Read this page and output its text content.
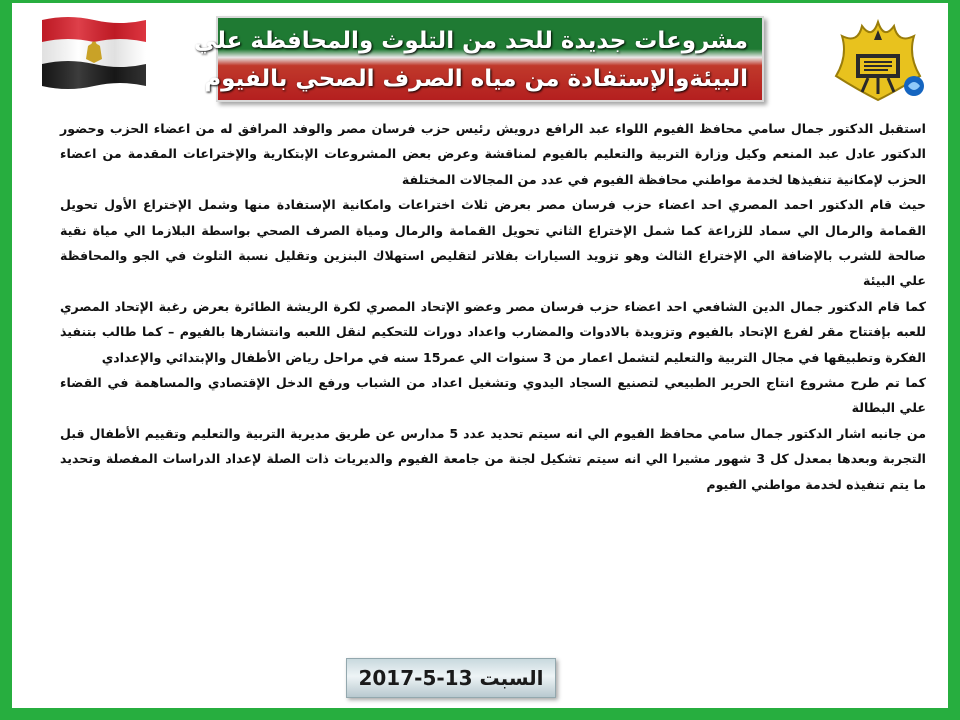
مشروعات جديدة للحد من التلوث والمحافظة علي
البيئةوالإستفادة من مياه الصرف الصحي بالفيوم

استقبل الدكتور جمال سامي محافظ الفيوم اللواء عبد الرافع درويش رئيس حزب فرسان مصر والوفد المرافق له من اعضاء الحزب وحضور الدكتور عادل عبد المنعم وكيل وزارة التربية والتعليم بالفيوم لمناقشة وعرض بعض المشروعات الإبتكارية والإختراعات المقدمة من اعضاء الحزب لإمكانية تنفيذها لخدمة مواطني محافظة الفيوم في عدد من المجالات المختلفة

حيث قام الدكتور احمد المصري احد اعضاء حزب فرسان مصر بعرض ثلاث اختراعات وامكانية الإستفادة منها وشمل الإختراع الأول تحويل القمامة والرمال الي سماد للزراعة كما شمل الإختراع الثاني تحويل القمامة والرمال ومياة الصرف الصحي بواسطة البلازما الي مياة نقية صالحة للشرب بالإضافة الي الإختراع الثالث وهو تزويد السيارات بفلاتر لتقليص استهلاك البنزين وتقليل نسبة التلوث في الجو والمحافظة علي البيئة

كما قام الدكتور جمال الدين الشافعي احد اعضاء حزب فرسان مصر وعضو الإتحاد المصري لكرة الريشة الطائرة بعرض رغبة الإتحاد المصري للعبه بإفتتاح مقر لفرع الإتحاد بالفيوم وتزويدة بالادوات والمضارب واعداد دورات للتحكيم لنقل اللعبه وانتشارها بالفيوم – كما طالب بتنفيذ الفكرة وتطبيقها في مجال التربية والتعليم لتشمل اعمار من 3 سنوات الي عمر15 سنه في مراحل رياض الأطفال والإبتدائي والإعدادي

كما تم طرح مشروع انتاج الحرير الطبيعي لتصنيع السجاد اليدوي وتشغيل اعداد من الشباب ورفع الدخل الإقتصادي والمساهمة في القضاء علي البطالة

من جانبه اشار الدكتور جمال سامي محافظ الفيوم الي انه سيتم تحديد عدد 5 مدارس عن طريق مديرية التربية والتعليم وتقييم الأطفال قبل التجربة وبعدها بمعدل كل 3 شهور مشيرا الي انه سيتم تشكيل لجنة من جامعة الفيوم والديريات ذات الصلة لإعداد الدراسات المفصلة وتحديد ما يتم تنفيذه لخدمة مواطني الفيوم

السبت 13-5-2017
